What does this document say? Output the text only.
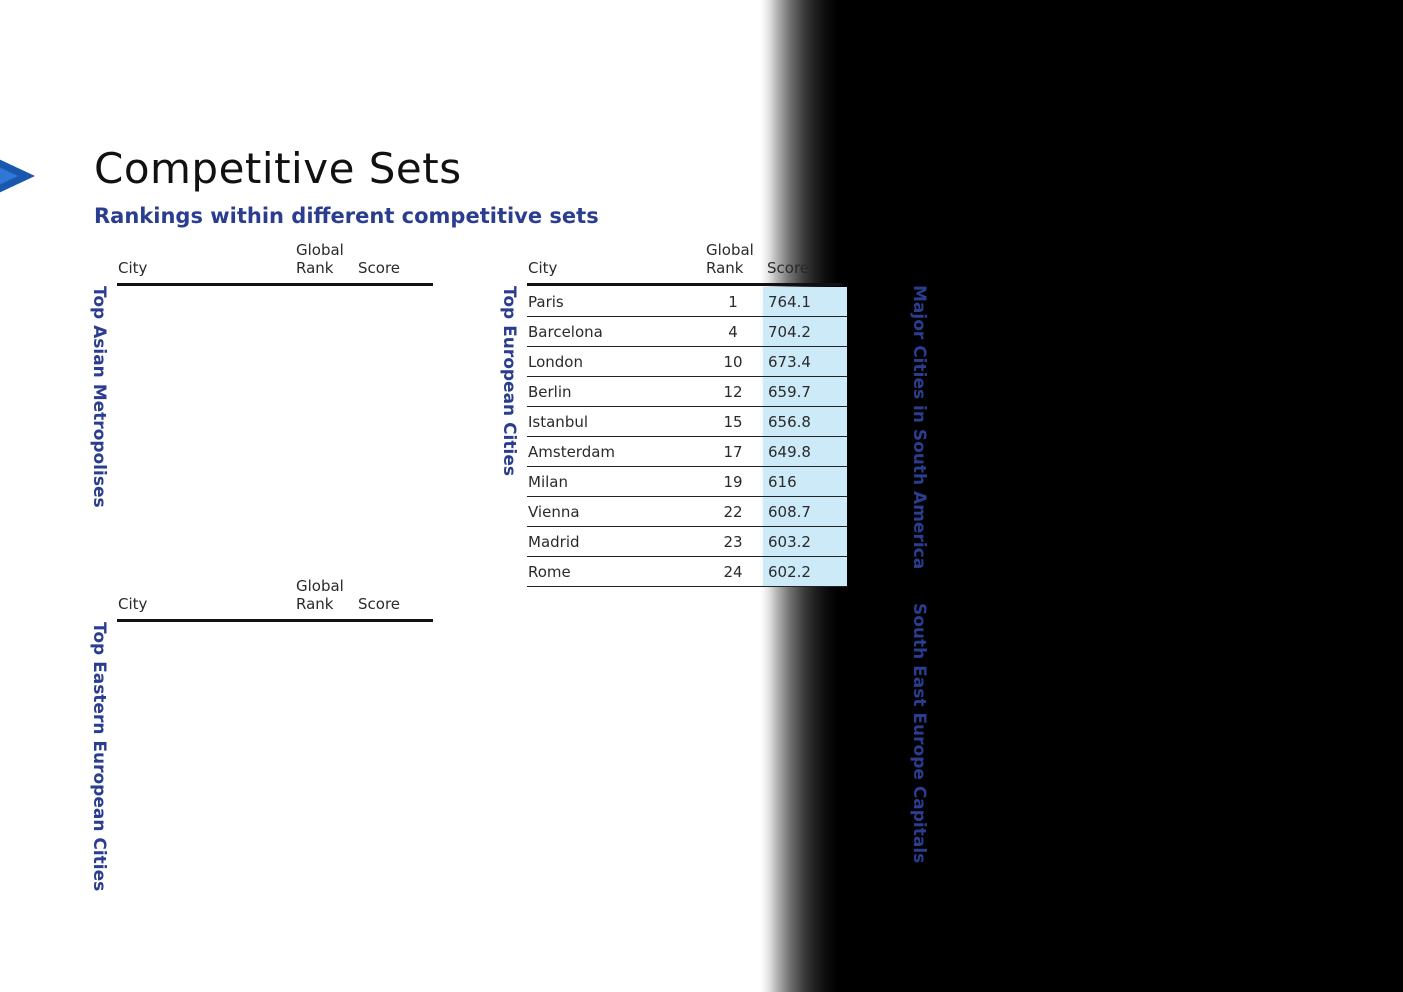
Competitive Sets
Rankings within different competitive sets
City
Global
Rank Score
Top Asian Metropolises
City
Global
Rank Score
Top Eastern European Cities
City
Global
Rank Score
Top European Cities Paris	1	764.1
Barcelona	4	704.2
London	10	673.4
Berlin	12	659.7
Istanbul	15	656.8
Amsterdam	17	649.8
Milan	19	616
Vienna	22	608.7
Madrid	23	603.2
Rome	24	602.2
Major Cities in South America
South East Europe Capitals
